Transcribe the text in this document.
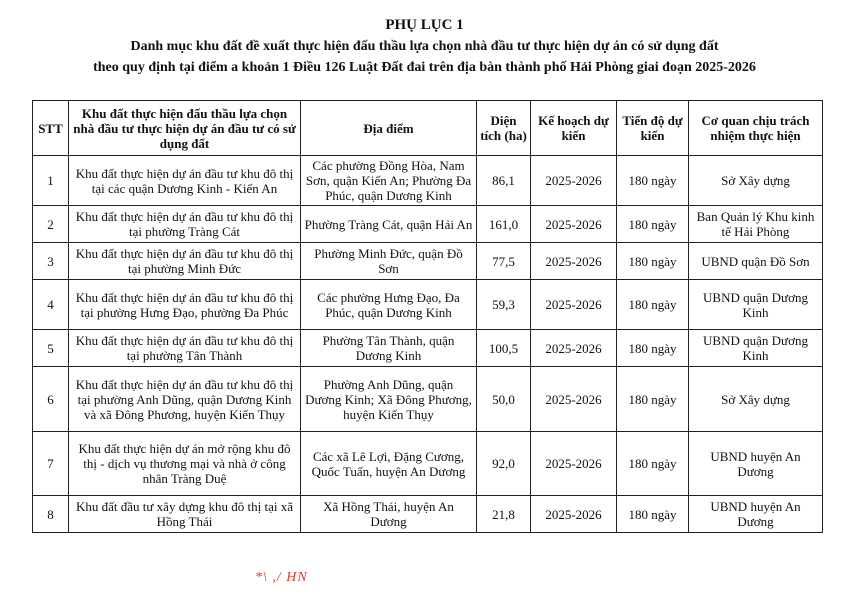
PHỤ LỤC 1
Danh mục khu đất đề xuất thực hiện đấu thầu lựa chọn nhà đầu tư thực hiện dự án có sử dụng đất
theo quy định tại điểm a khoản 1 Điều 126 Luật Đất đai trên địa bàn thành phố Hải Phòng giai đoạn 2025-2026
STT	Khu đất thực hiện đấu thầu lựa chọn nhà đầu tư thực hiện dự án đầu tư có sử dụng đất	Địa điểm	Diện tích (ha)	Kế hoạch dự kiến	Tiến độ dự kiến	Cơ quan chịu trách nhiệm thực hiện
1	Khu đất thực hiện dự án đầu tư khu đô thị tại các quận Dương Kinh - Kiến An	Các phường Đồng Hòa, Nam Sơn, quận Kiến An; Phường Đa Phúc, quận Dương Kinh	86,1	2025-2026	180 ngày	Sở Xây dựng
2	Khu đất thực hiện dự án đầu tư khu đô thị tại phường Tràng Cát	Phường Tràng Cát, quận Hải An	161,0	2025-2026	180 ngày	Ban Quản lý Khu kinh tế Hải Phòng
3	Khu đất thực hiện dự án đầu tư khu đô thị tại phường Minh Đức	Phường Minh Đức, quận Đồ Sơn	77,5	2025-2026	180 ngày	UBND quận Đồ Sơn
4	Khu đất thực hiện dự án đầu tư khu đô thị tại phường Hưng Đạo, phường Đa Phúc	Các phường Hưng Đạo, Đa Phúc, quận Dương Kinh	59,3	2025-2026	180 ngày	UBND quận Dương Kinh
5	Khu đất thực hiện dự án đầu tư khu đô thị tại phường Tân Thành	Phường Tân Thành, quận Dương Kinh	100,5	2025-2026	180 ngày	UBND quận Dương Kinh
6	Khu đất thực hiện dự án đầu tư khu đô thị tại phường Anh Dũng, quận Dương Kinh và xã Đông Phương, huyện Kiến Thụy	Phường Anh Dũng, quận Dương Kinh; Xã Đông Phương, huyện Kiến Thụy	50,0	2025-2026	180 ngày	Sở Xây dựng
7	Khu đất thực hiện dự án mở rộng khu đô thị - dịch vụ thương mại và nhà ở công nhân Tràng Duệ	Các xã Lê Lợi, Đặng Cương, Quốc Tuấn, huyện An Dương	92,0	2025-2026	180 ngày	UBND huyện An Dương
8	Khu đất đầu tư xây dựng khu đô thị tại xã Hồng Thái	Xã Hồng Thái, huyện An Dương	21,8	2025-2026	180 ngày	UBND huyện An Dương
*\ ,/ HN
